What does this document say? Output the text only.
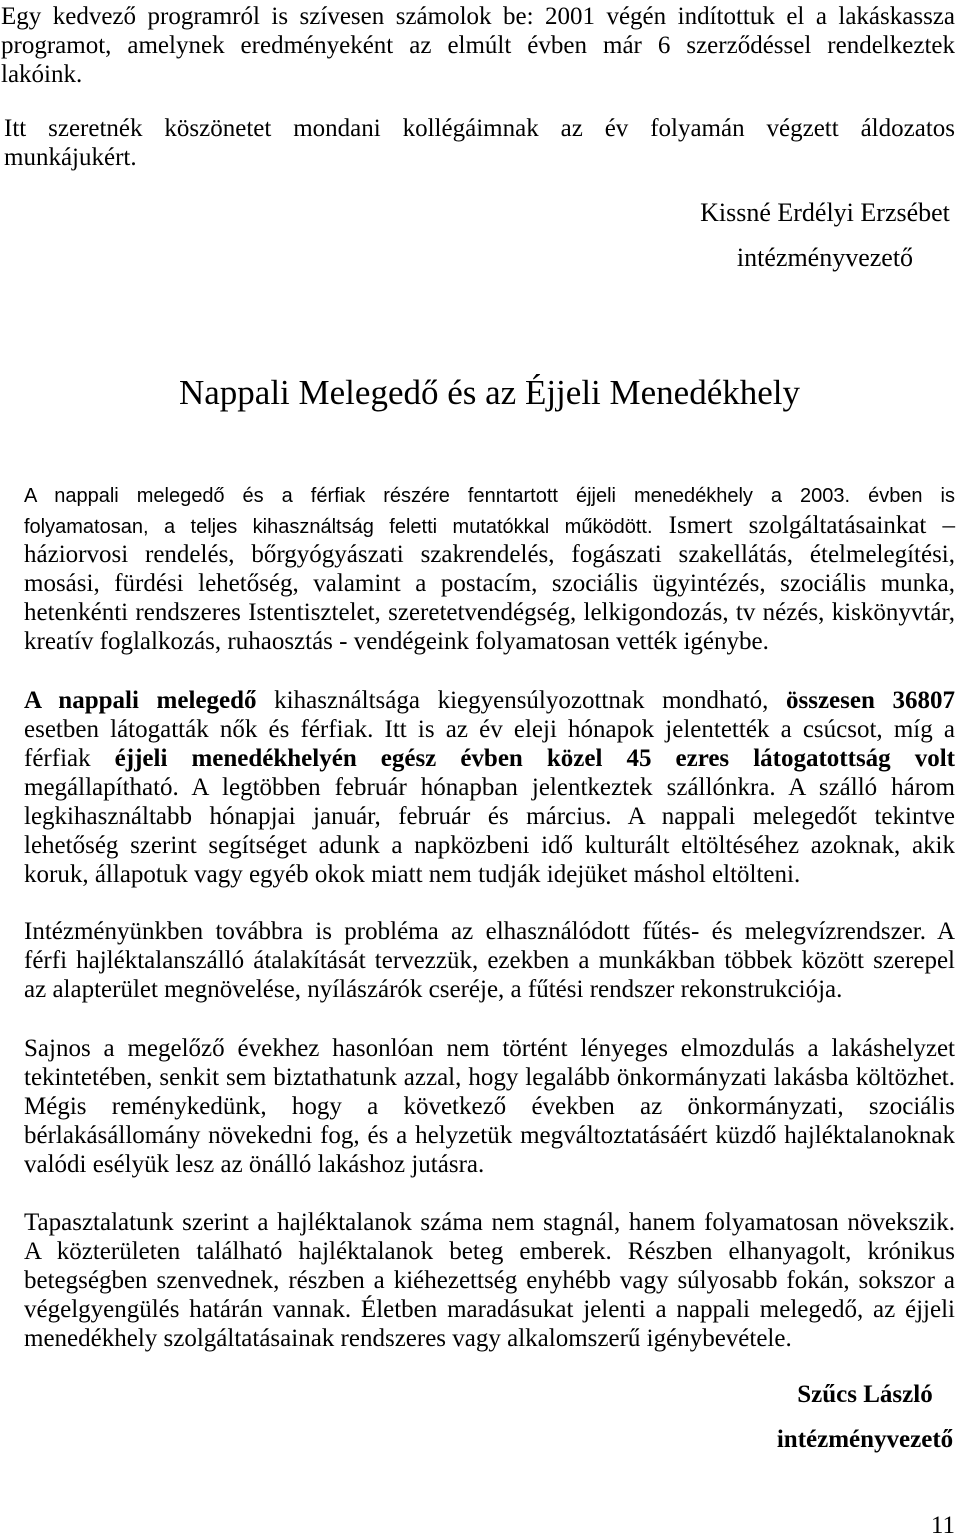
Egy kedvező programról is szívesen számolok be: 2001 végén indítottuk el a lakáskassza
programot, amelynek eredményeként az elmúlt évben már 6 szerződéssel rendelkeztek
lakóink.
Itt szeretnék köszönetet mondani kollégáimnak az év folyamán végzett áldozatos
munkájukért.
Kissné Erdélyi Erzsébet
intézményvezető
Nappali Melegedő és az Éjjeli Menedékhely
A nappali melegedő és a férfiak részére fenntartott éjjeli menedékhely a 2003. évben is
folyamatosan, a teljes kihasználtság feletti mutatókkal működött. Ismert szolgáltatásainkat –
háziorvosi rendelés, bőrgyógyászati szakrendelés, fogászati szakellátás, ételmelegítési,
mosási, fürdési lehetőség, valamint a postacím, szociális ügyintézés, szociális munka,
hetenkénti rendszeres Istentisztelet, szeretetvendégség, lelkigondozás, tv nézés, kiskönyvtár,
kreatív foglalkozás, ruhaosztás - vendégeink folyamatosan vették igénybe.
A nappali melegedő kihasználtsága kiegyensúlyozottnak mondható, összesen 36807
esetben látogatták nők és férfiak. Itt is az év eleji hónapok jelentették a csúcsot, míg a
férfiak éjjeli menedékhelyén egész évben közel 45 ezres látogatottság volt
megállapítható. A legtöbben február hónapban jelentkeztek szállónkra. A szálló három
legkihasználtabb hónapjai január, február és március. A nappali melegedőt tekintve
lehetőség szerint segítséget adunk a napközbeni idő kulturált eltöltéséhez azoknak, akik
koruk, állapotuk vagy egyéb okok miatt nem tudják idejüket máshol eltölteni.
Intézményünkben továbbra is probléma az elhasználódott fűtés- és melegvízrendszer. A
férfi hajléktalanszálló átalakítását tervezzük, ezekben a munkákban többek között szerepel
az alapterület megnövelése, nyílászárók cseréje, a fűtési rendszer rekonstrukciója.
Sajnos a megelőző évekhez hasonlóan nem történt lényeges elmozdulás a lakáshelyzet
tekintetében, senkit sem biztathatunk azzal, hogy legalább önkormányzati lakásba költözhet.
Mégis reménykedünk, hogy a következő években az önkormányzati, szociális
bérlakásállomány növekedni fog, és a helyzetük megváltoztatásáért küzdő hajléktalanoknak
valódi esélyük lesz az önálló lakáshoz jutásra.
Tapasztalatunk szerint a hajléktalanok száma nem stagnál, hanem folyamatosan növekszik.
A közterületen található hajléktalanok beteg emberek. Részben elhanyagolt, krónikus
betegségben szenvednek, részben a kiéhezettség enyhébb vagy súlyosabb fokán, sokszor a
végelgyengülés határán vannak. Életben maradásukat jelenti a nappali melegedő, az éjjeli
menedékhely szolgáltatásainak rendszeres vagy alkalomszerű igénybevétele.
Szűcs László
intézményvezető
11
